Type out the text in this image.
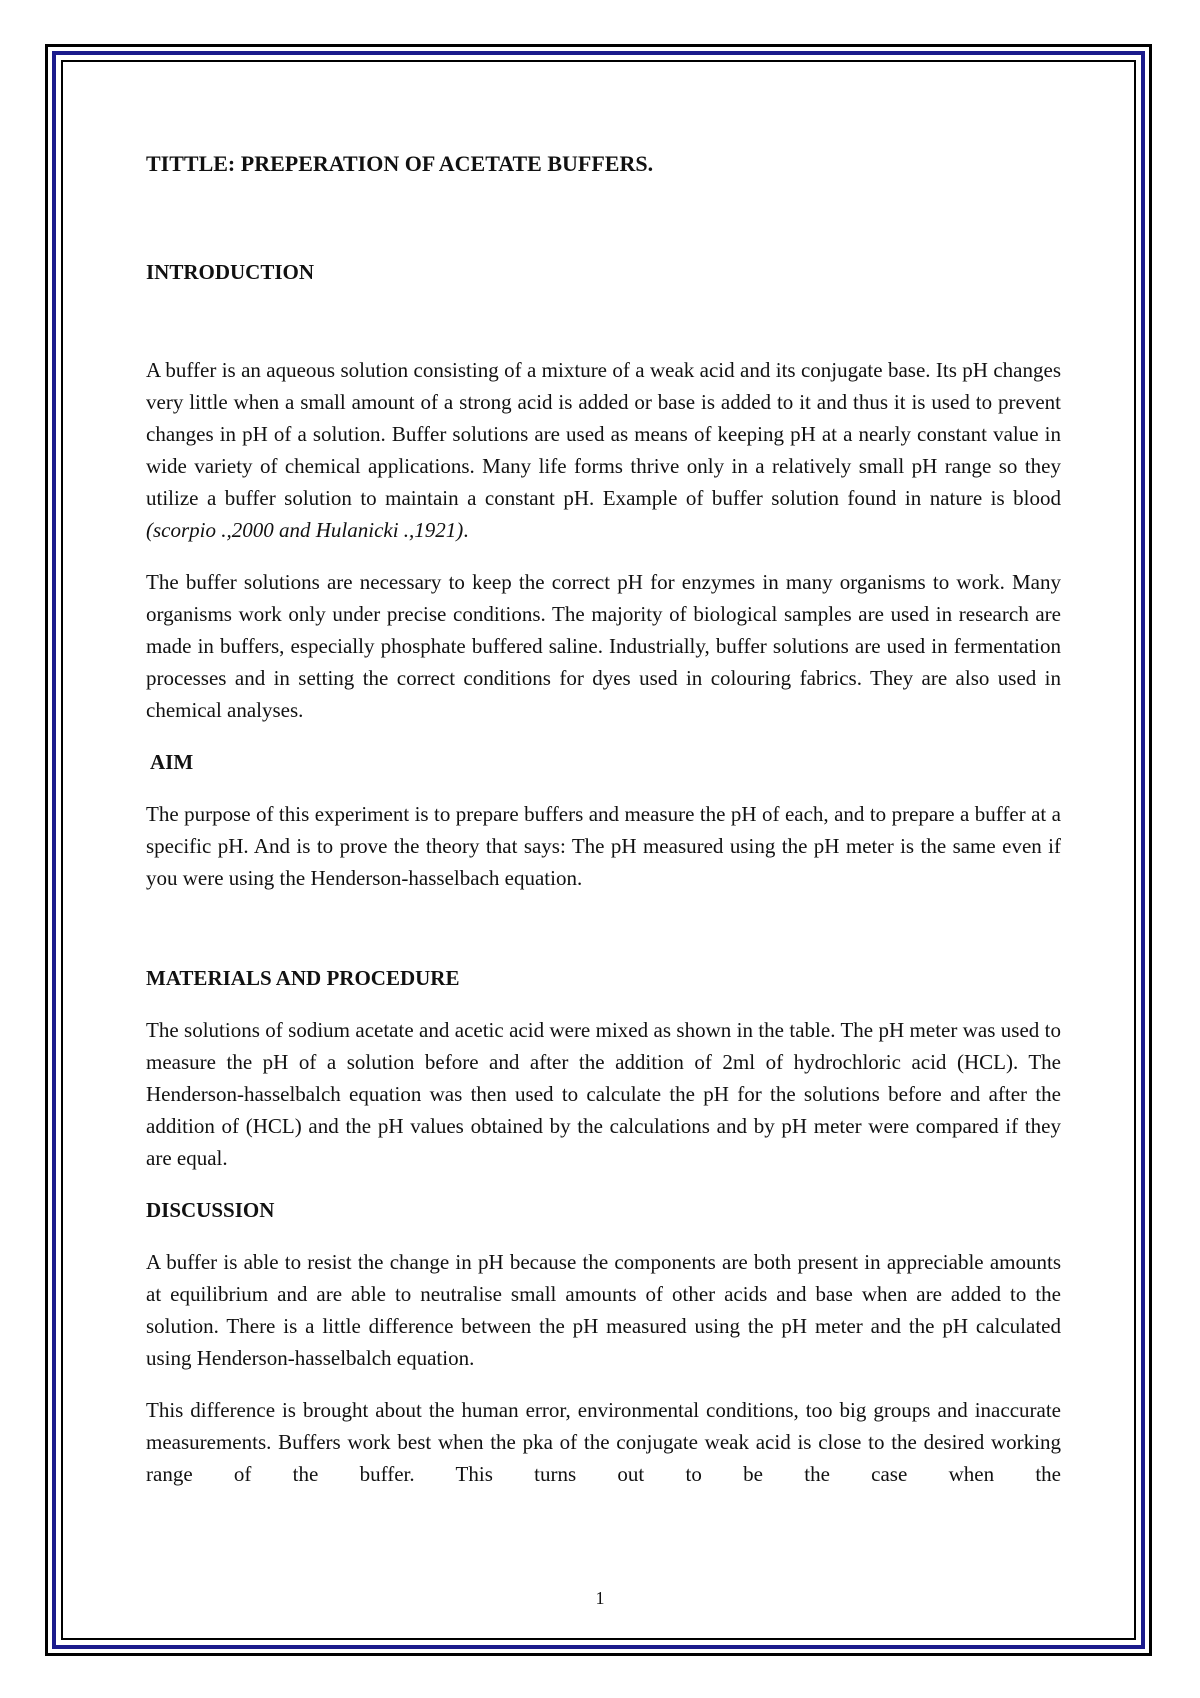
TITTLE: PREPERATION OF ACETATE BUFFERS.
INTRODUCTION

A buffer is an aqueous solution consisting of a mixture of a weak acid and its conjugate base. Its pH changes very little when a small amount of a strong acid is added or base is added to it and thus it is used to prevent changes in pH of a solution. Buffer solutions are used as means of keeping pH at a nearly constant value in wide variety of chemical applications. Many life forms thrive only in a relatively small pH range so they utilize a buffer solution to maintain a constant pH. Example of buffer solution found in nature is blood (scorpio .,2000 and Hulanicki .,1921).

The buffer solutions are necessary to keep the correct pH for enzymes in many organisms to work. Many organisms work only under precise conditions. The majority of biological samples are used in research are made in buffers, especially phosphate buffered saline. Industrially, buffer solutions are used in fermentation processes and in setting the correct conditions for dyes used in colouring fabrics. They are also used in chemical analyses.

AIM

The purpose of this experiment is to prepare buffers and measure the pH of each, and to prepare a buffer at a specific pH. And is to prove the theory that says: The pH measured using the pH meter is the same even if you were using the Henderson-hasselbach equation.

MATERIALS AND PROCEDURE

The solutions of sodium acetate and acetic acid were mixed as shown in the table. The pH meter was used to measure the pH of a solution before and after the addition of 2ml of hydrochloric acid (HCL). The Henderson-hasselbalch equation was then used to calculate the pH for the solutions before and after the addition of (HCL) and the pH values obtained by the calculations and by pH meter were compared if they are equal.

DISCUSSION

A buffer is able to resist the change in pH because the components are both present in appreciable amounts at equilibrium and are able to neutralise small amounts of other acids and base when are added to the solution. There is a little difference between the pH measured using the pH meter and the pH calculated using Henderson-hasselbalch equation.

This difference is brought about the human error, environmental conditions, too big groups and inaccurate measurements. Buffers work best when the pka of the conjugate weak acid is close to the desired working range of the buffer. This turns out to be the case when the

1
